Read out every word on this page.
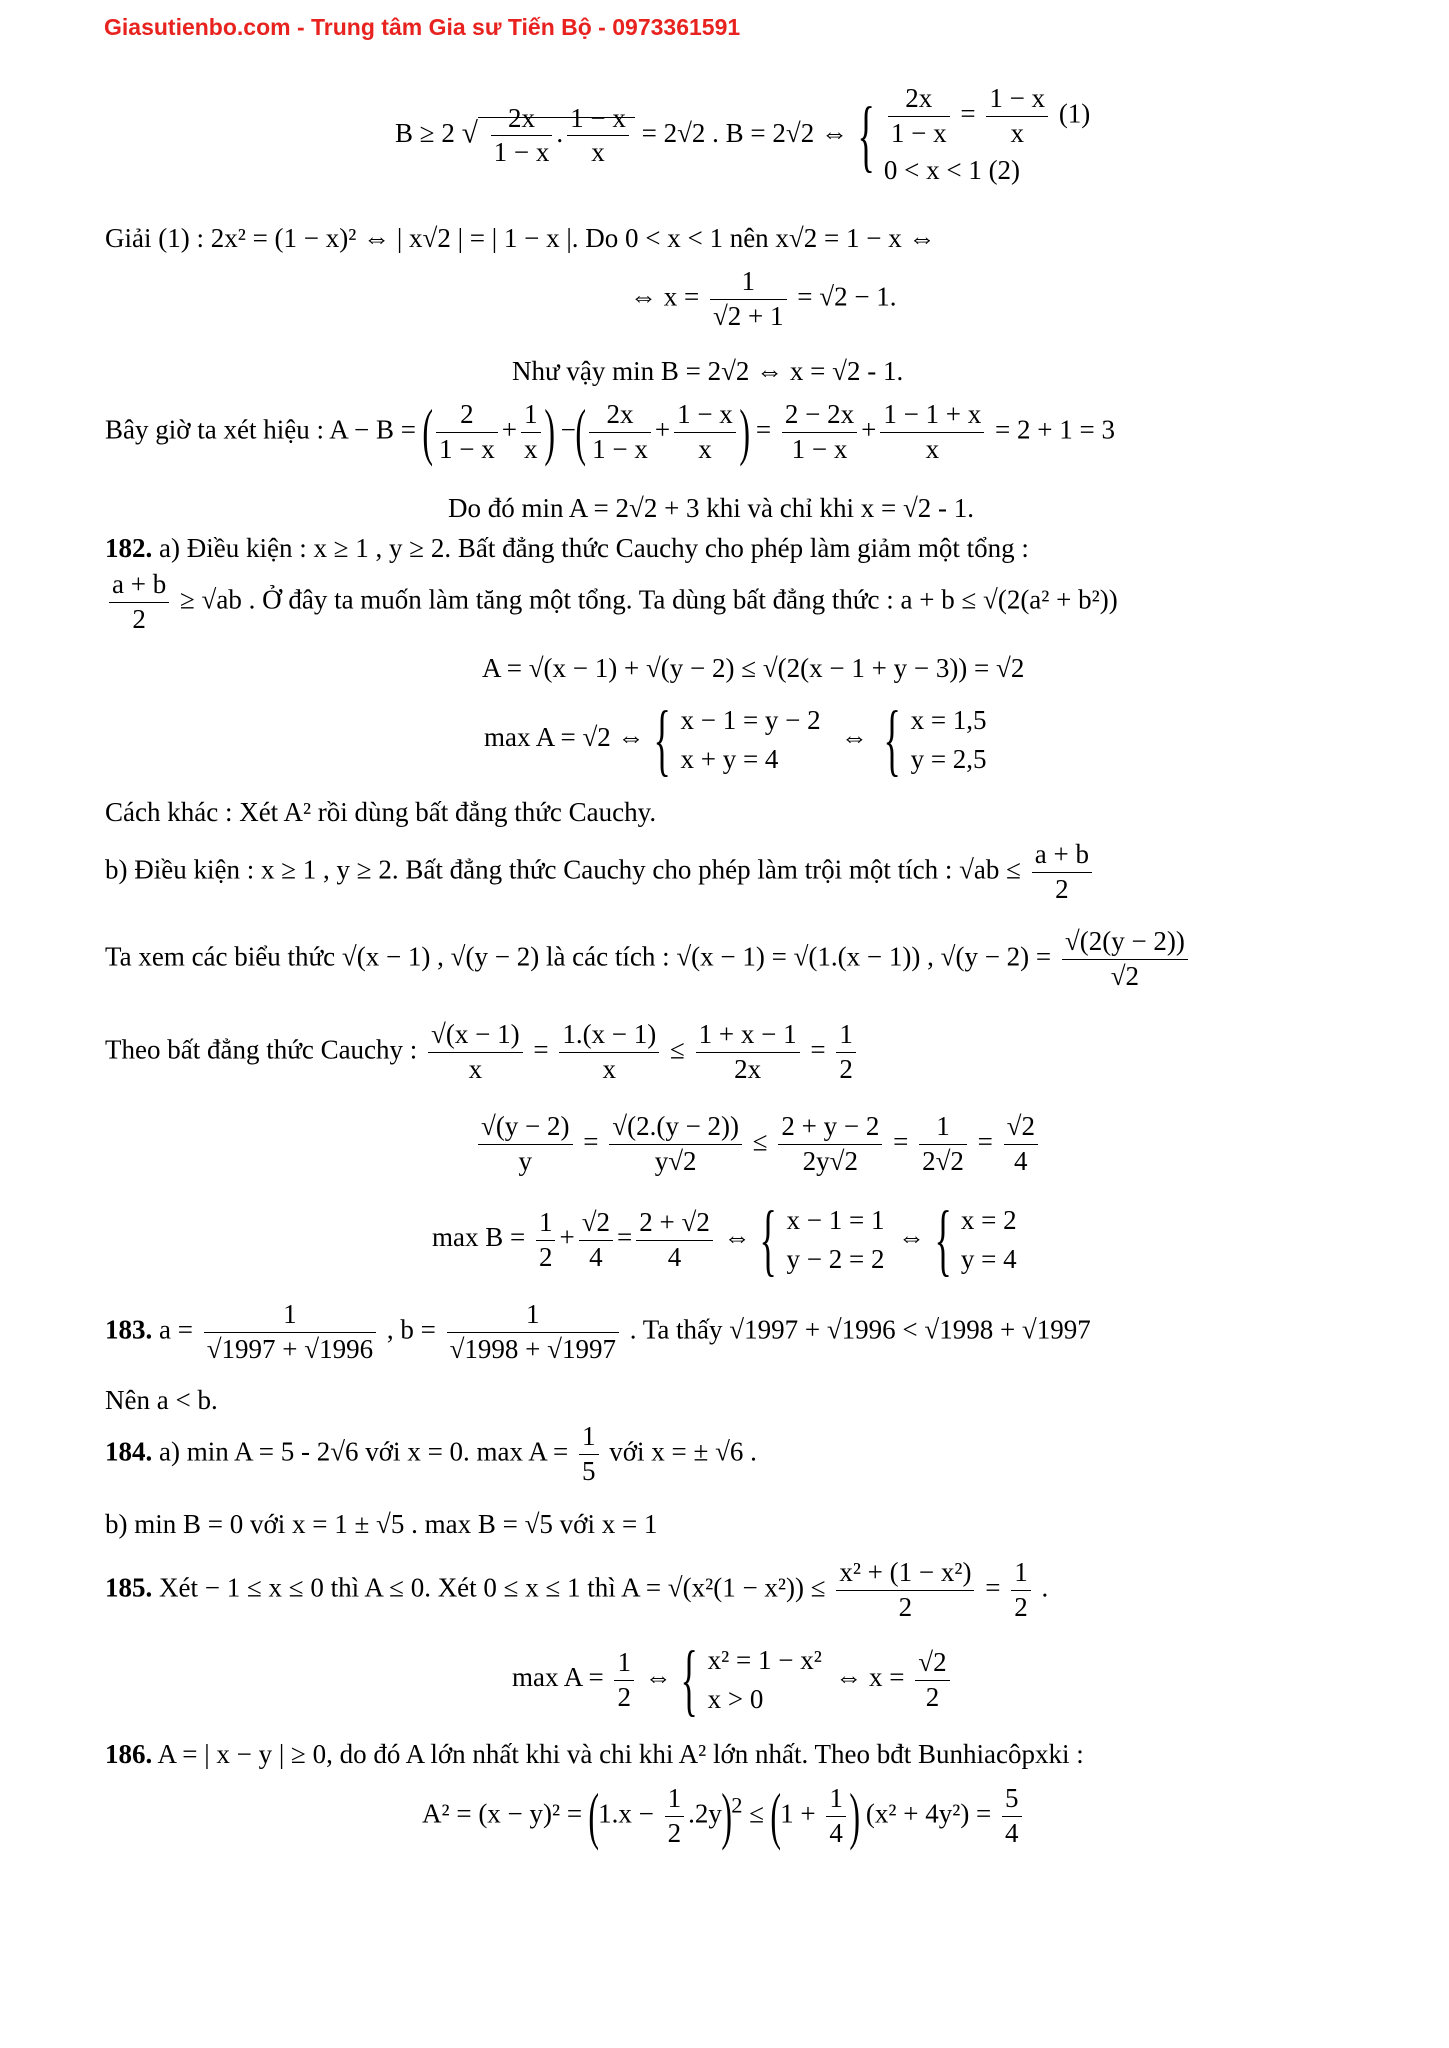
Giasutienbo.com - Trung tâm Gia sư Tiến Bộ - 0973361591
B ≥ 2 √ $\frac{2x}{1 - x}$ . $\frac{1 - x}{x} = 2√2$ . B = 2√2 ⇔ { $\frac{2x}{1 - x} = \frac{1 - x}{x} (1)$
0 < x < 1 (2)
Giải (1) : 2x² = (1 − x)² ⇔ | x√2 | = | 1 − x |. Do 0 < x < 1 nên x√2 = 1 − x ⇔
⇔ $x = \frac{1}{√2 + 1} = √2 - 1$.
Như vậy min B = 2√2 ⇔ x = √2 - 1.
Bây giờ ta xét hiệu : A − B = ( $\frac{2}{1 - x} + \frac{1}{x}$ ) −( $\frac{2x}{1 - x} + \frac{1 - x}{x}$ ) = $\frac{2 - 2x}{1 - x} + \frac{1 - 1 + x}{x} = 2 + 1 = 3$
Do đó min A = 2√2 + 3 khi và chỉ khi x = √2 - 1.
182. a) Điều kiện : x ≥ 1 , y ≥ 2. Bất đẳng thức Cauchy cho phép làm giảm một tổng :
$\frac{a + b}{2} \ge √ab$ . Ở đây ta muốn làm tăng một tổng. Ta dùng bất đẳng thức : a + b ≤ √(2(a² + b²))
A = √(x − 1) + √(y − 2) ≤ √(2(x − 1 + y − 3)) = √2
max A = √2 ⇔ { x − 1 = y − 2
x + y = 4
⇔  { x = 1,5
y = 2,5
Cách khác : Xét A² rồi dùng bất đẳng thức Cauchy.
b) Điều kiện : x ≥ 1 , y ≥ 2. Bất đẳng thức Cauchy cho phép làm trội một tích : $√ab \le \frac{a + b}{2}$
Ta xem các biểu thức √(x − 1) , √(y − 2) là các tích : √(x − 1) = √(1.(x − 1)) , $√(y - 2) = \frac{√(2(y - 2))}{√2}$
Theo bất đẳng thức Cauchy : $\frac{√(x - 1)}{x} = \frac{1.(x - 1)}{x} \le \frac{1 + x - 1}{2x} = \frac{1}{2}$
$\frac{√(y - 2)}{y} = \frac{√(2.(y - 2))}{y√2} \le \frac{2 + y - 2}{2y√2} = \frac{1}{2√2} = \frac{√2}{4}$
$\max B = \frac{1}{2} + \frac{√2}{4} = \frac{2 + √2}{4}$ ⇔ { x − 1 = 1
y − 2 = 2
⇔ { x = 2
y = 4
183. $a = \frac{1}{√1997 + √1996}$ , $b = \frac{1}{√1998 + √1997}$ . Ta thấy √1997 + √1996 < √1998 + √1997
Nên a < b.
184. a) min A = 5 - 2√6 với x = 0. $\max A = \frac{1}{5}$ với x = ± √6 .
b) min B = 0 với x = 1 ± √5 . max B = √5 với x = 1
185. Xét − 1 ≤ x ≤ 0 thì A ≤ 0. Xét 0 ≤ x ≤ 1 thì $A = √(x^2(1 - x^2)) \le \frac{\text{x² + (1 − x²)}}{2} = \frac{1}{2}$ .
$\max A = \frac{1}{2}$ ⇔ { x² = 1 − x²
x > 0
⇔ $x = \frac{√2}{2}$
186. A = | x − y | ≥ 0, do đó A lớn nhất khi và chi khi A² lớn nhất. Theo bđt Bunhiacôpxki :
$A^2 = (x - y)^2 = (1.x - \frac{1}{2} .2y)^2 \le (1 + \frac{1}{4}$ ) $(x^2 + 4y^2) = \frac{5}{4}$
